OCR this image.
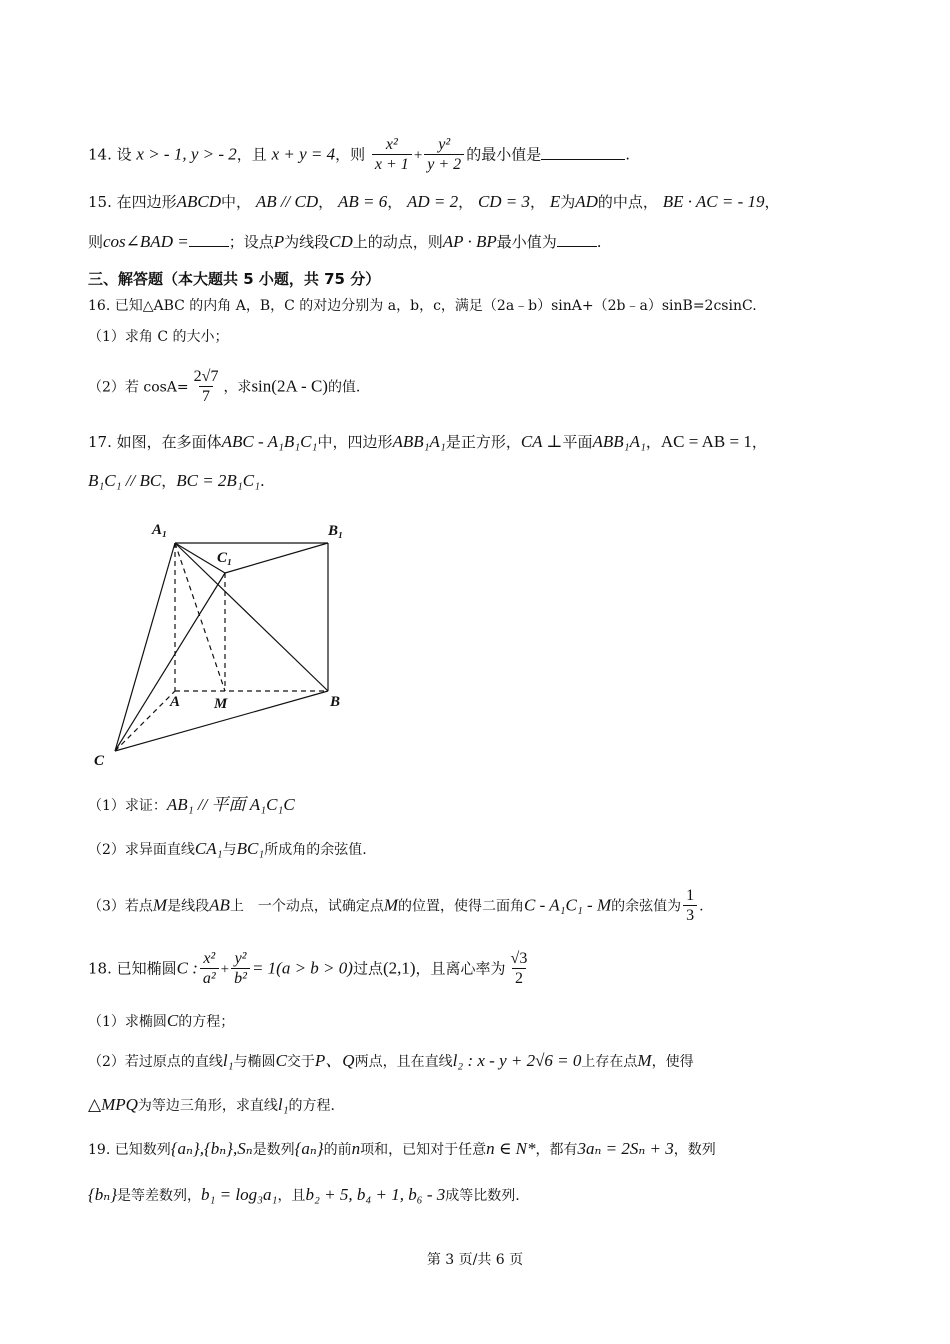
14. 设 x > - 1, y > - 2，且 x + y = 4，则 $\frac{\text{x²}}{x + 1} + \frac{\text{y²}}{y + 2}$ 的最小值是	.
15. 在四边形ABCD中， AB // CD， AB = 6， AD = 2， CD = 3， E为AD的中点， BE · AC = - 19，
则cos∠BAD =	；设点P为线段CD上的动点，则AP · BP最小值为	.
三、解答题（本大题共 5 小题，共 75 分）
16. 已知△ABC 的内角 A，B，C 的对边分别为 a，b，c，满足（2a﹣b）sinA+（2b﹣a）sinB=2csinC.
（1）求角 C 的大小；
（2）若 $\cos A= \frac{2√7}{7}$ ，求sin(2A - C)的值.
17. 如图，在多面体ABC - A₁B₁C₁中，四边形ABB₁A₁是正方形，CA ⊥平面ABB₁A₁，AC = AB = 1，
B₁C₁ // BC，BC = 2B₁C₁.
A₁	B₁
C₁
A M	B
C
（1）求证：AB₁ // 平面 A₁C₁C
（2）求异面直线CA₁与BC₁所成角的余弦值.
（3）若点M是线段AB上　一个动点，试确定点M的位置，使得二面角C - A₁C₁ - M的余弦值为 $\frac{1}{3}$ .
18. 已知椭圆C : $\frac{\text{x²}}{\text{a²}} + \frac{\text{y²}}{\text{b²}} = 1(a > b > 0)$过点(2,1)，且离心率为 $\frac{√3}{2}$
（1）求椭圆C的方程；
（2）若过原点的直线l₁与椭圆C交于P、Q两点，且在直线l₂ : x - y + 2√6 = 0上存在点M，使得
△MPQ为等边三角形，求直线l₁的方程.
19. 已知数列{aₙ},{bₙ},Sₙ是数列{aₙ}的前n项和，已知对于任意n ∈ N*，都有3aₙ = 2Sₙ + 3，数列
{bₙ}是等差数列，b₁ = log₃a₁，且b₂ + 5, b₄ + 1, b₆ - 3成等比数列.
第 3 页/共 6 页
